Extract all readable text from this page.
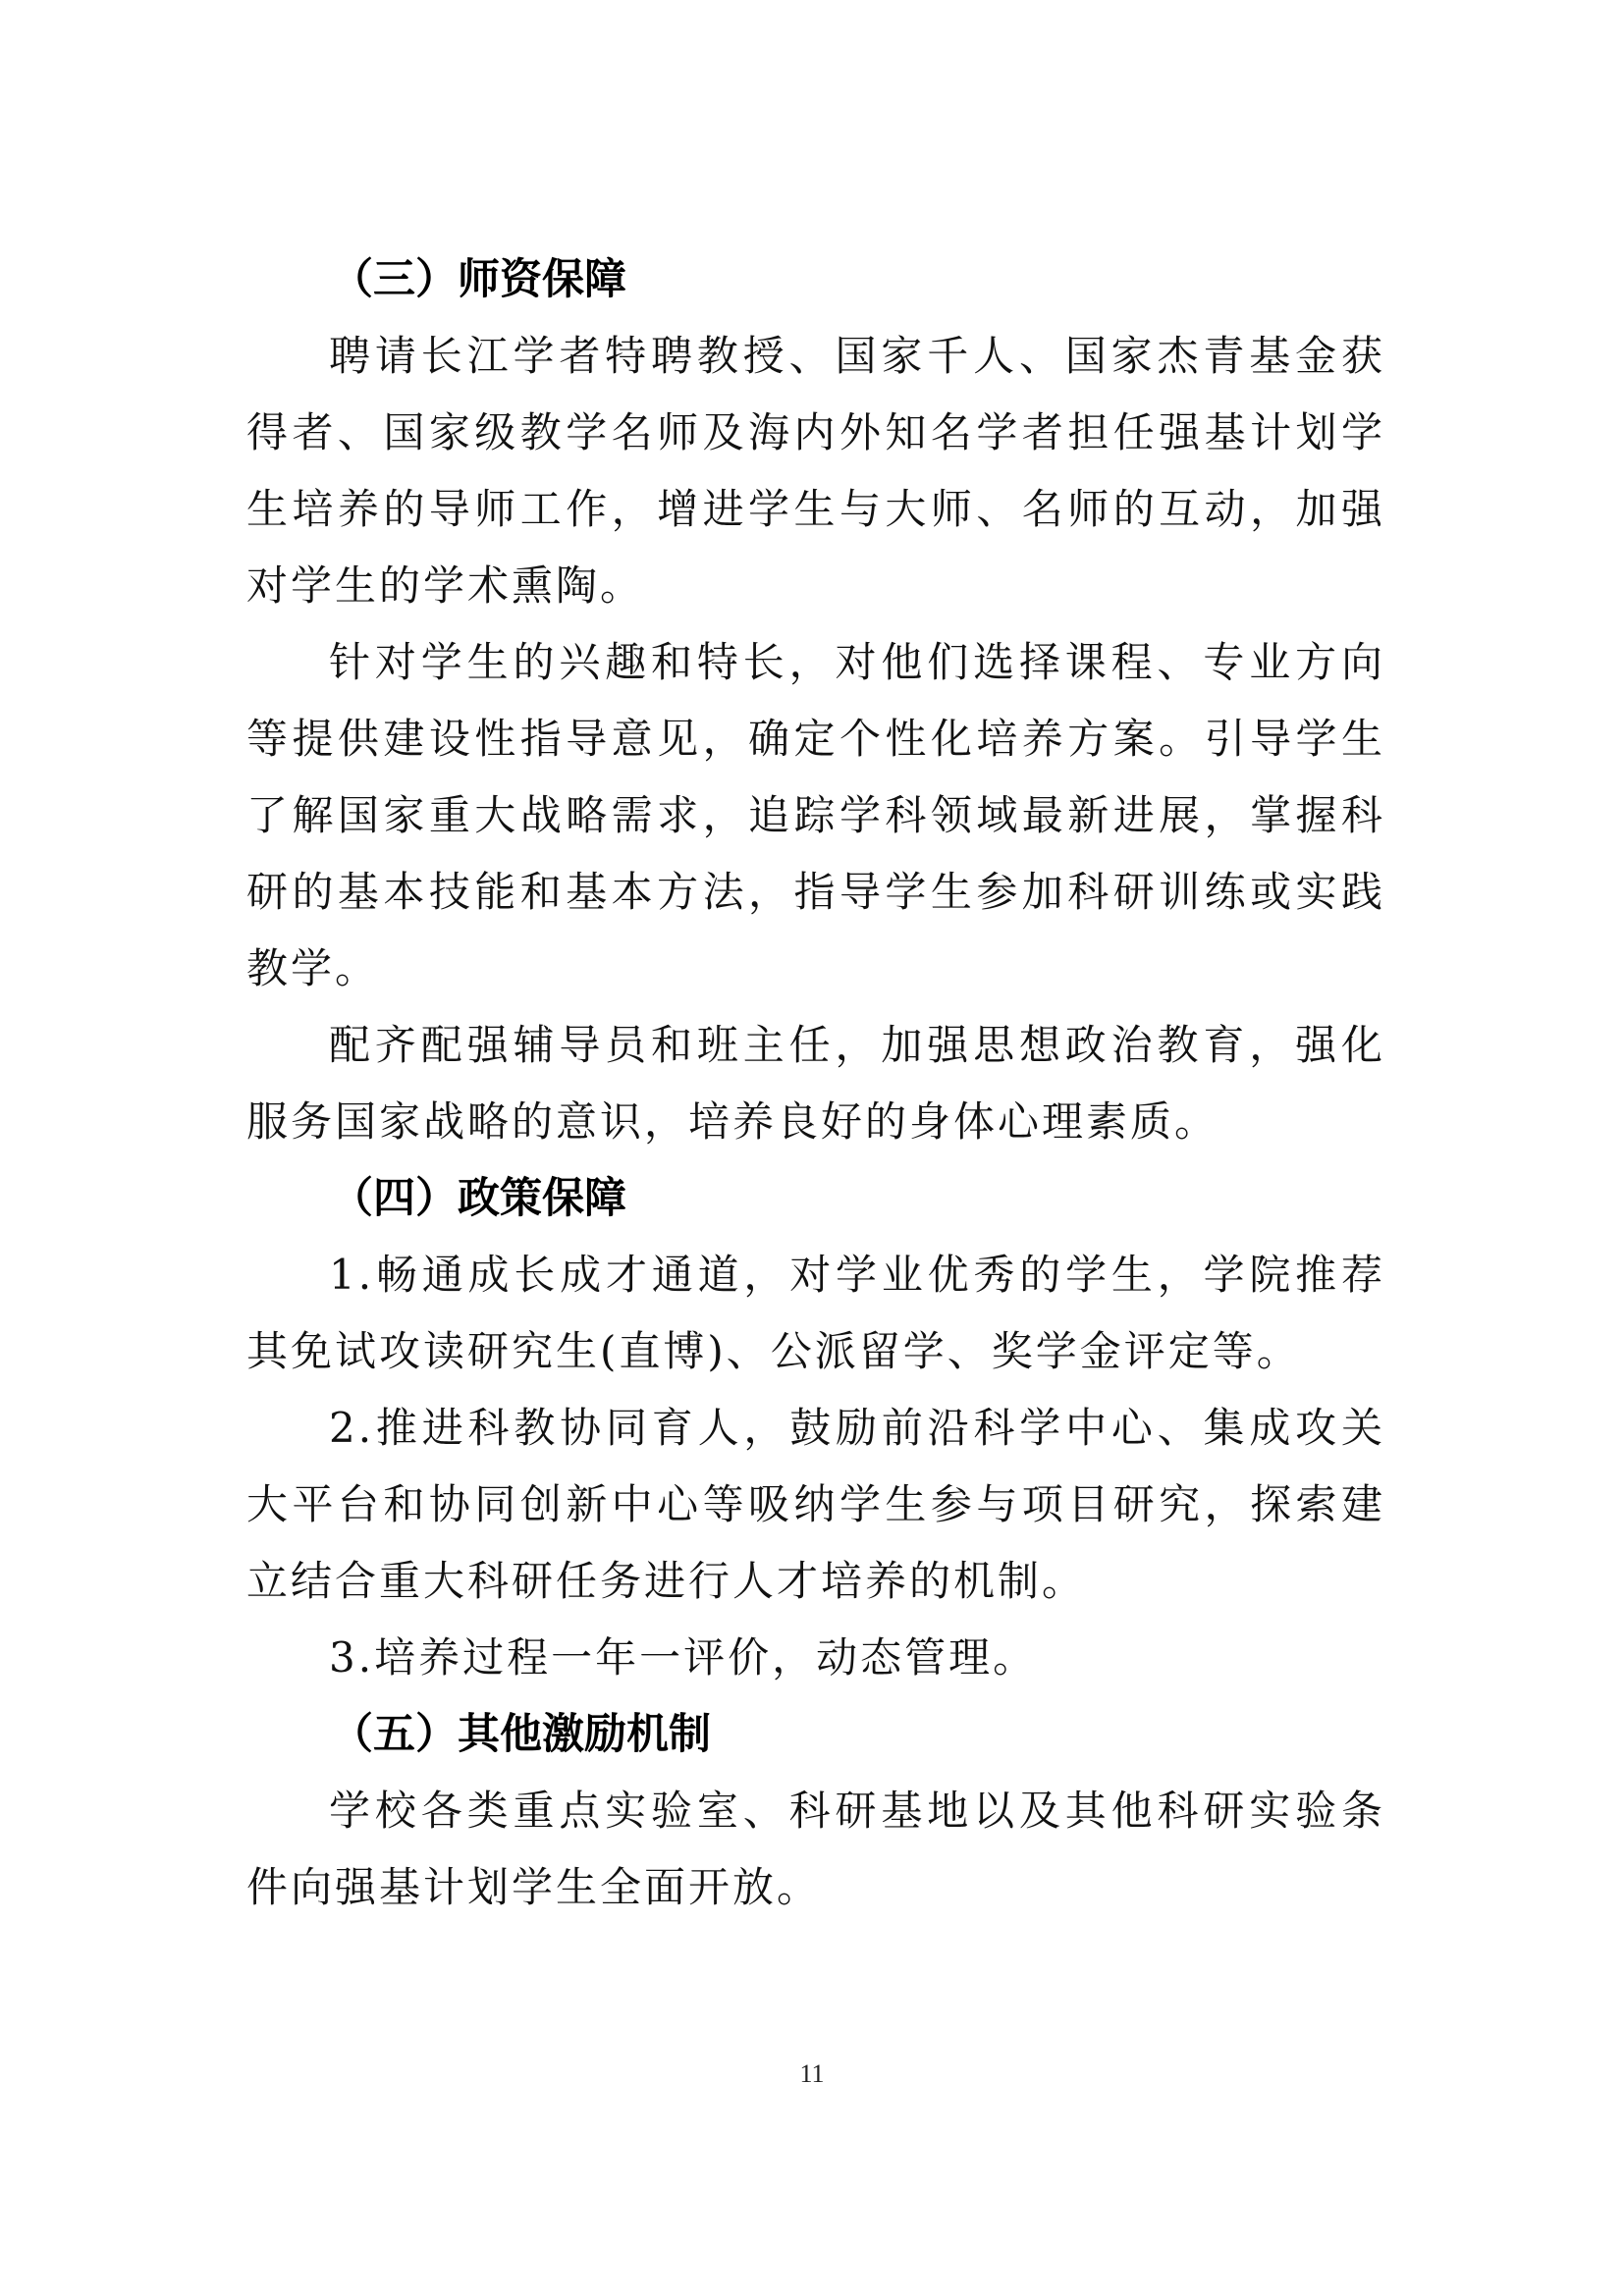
（三）师资保障

聘请长江学者特聘教授、国家千人、国家杰青基金获得者、国家级教学名师及海内外知名学者担任强基计划学生培养的导师工作，增进学生与大师、名师的互动，加强对学生的学术熏陶。

针对学生的兴趣和特长，对他们选择课程、专业方向等提供建设性指导意见，确定个性化培养方案。引导学生了解国家重大战略需求，追踪学科领域最新进展，掌握科研的基本技能和基本方法，指导学生参加科研训练或实践教学。

配齐配强辅导员和班主任，加强思想政治教育，强化服务国家战略的意识，培养良好的身体心理素质。

（四）政策保障

1.畅通成长成才通道，对学业优秀的学生，学院推荐其免试攻读研究生(直博)、公派留学、奖学金评定等。

2.推进科教协同育人，鼓励前沿科学中心、集成攻关大平台和协同创新中心等吸纳学生参与项目研究，探索建立结合重大科研任务进行人才培养的机制。

3.培养过程一年一评价，动态管理。

（五）其他激励机制

学校各类重点实验室、科研基地以及其他科研实验条件向强基计划学生全面开放。

11
